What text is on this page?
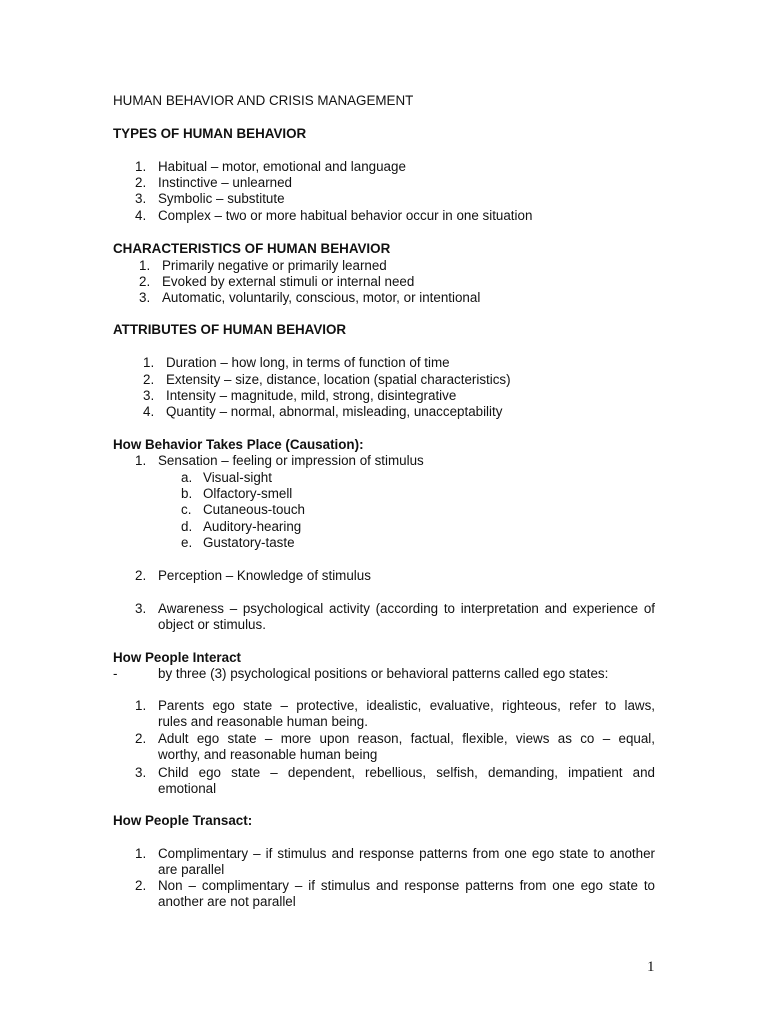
HUMAN BEHAVIOR AND CRISIS MANAGEMENT
TYPES OF HUMAN BEHAVIOR
1. Habitual – motor, emotional and language
2. Instinctive – unlearned
3. Symbolic – substitute
4. Complex – two or more habitual behavior occur in one situation
CHARACTERISTICS OF HUMAN BEHAVIOR
1. Primarily negative or primarily learned
2. Evoked by external stimuli or internal need
3. Automatic, voluntarily, conscious, motor, or intentional
ATTRIBUTES OF HUMAN BEHAVIOR
1. Duration – how long, in terms of function of time
2. Extensity – size, distance, location (spatial characteristics)
3. Intensity – magnitude, mild, strong, disintegrative
4. Quantity – normal, abnormal, misleading, unacceptability
How Behavior Takes Place (Causation):
1. Sensation – feeling or impression of stimulus
a. Visual-sight
b. Olfactory-smell
c. Cutaneous-touch
d. Auditory-hearing
e. Gustatory-taste
2. Perception – Knowledge of stimulus
3. Awareness – psychological activity (according to interpretation and experience of
object or stimulus.
How People Interact
-	by three (3) psychological positions or behavioral patterns called ego states:
1. Parents ego state – protective, idealistic, evaluative, righteous, refer to laws,
rules and reasonable human being.
2. Adult ego state – more upon reason, factual, flexible, views as co – equal,
worthy, and reasonable human being
3. Child ego state – dependent, rebellious, selfish, demanding, impatient and
emotional
How People Transact:
1. Complimentary – if stimulus and response patterns from one ego state to another
are parallel
2. Non – complimentary – if stimulus and response patterns from one ego state to
another are not parallel
1
